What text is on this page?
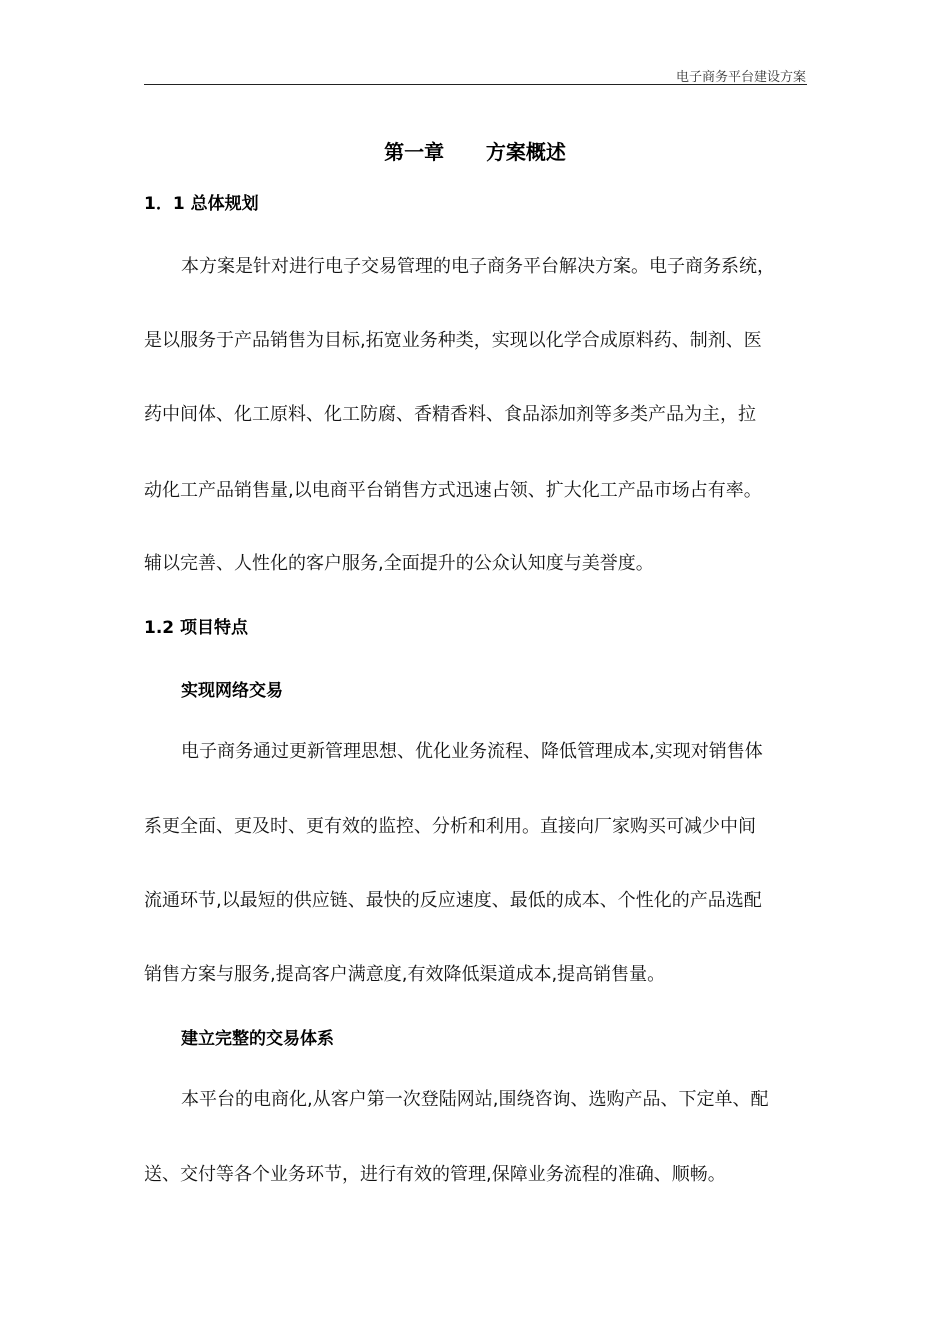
电子商务平台建设方案
第一章      方案概述
1．1 总体规划
本方案是针对进行电子交易管理的电子商务平台解决方案。电子商务系统，
是以服务于产品销售为目标,拓宽业务种类，实现以化学合成原料药、制剂、医
药中间体、化工原料、化工防腐、香精香料、食品添加剂等多类产品为主，拉
动化工产品销售量,以电商平台销售方式迅速占领、扩大化工产品市场占有率。
辅以完善、人性化的客户服务,全面提升的公众认知度与美誉度。
1.2 项目特点
实现网络交易
电子商务通过更新管理思想、优化业务流程、降低管理成本,实现对销售体
系更全面、更及时、更有效的监控、分析和利用。直接向厂家购买可减少中间
流通环节,以最短的供应链、最快的反应速度、最低的成本、个性化的产品选配
销售方案与服务,提高客户满意度,有效降低渠道成本,提高销售量。
建立完整的交易体系
本平台的电商化,从客户第一次登陆网站,围绕咨询、选购产品、下定单、配
送、交付等各个业务环节，进行有效的管理,保障业务流程的准确、顺畅。
